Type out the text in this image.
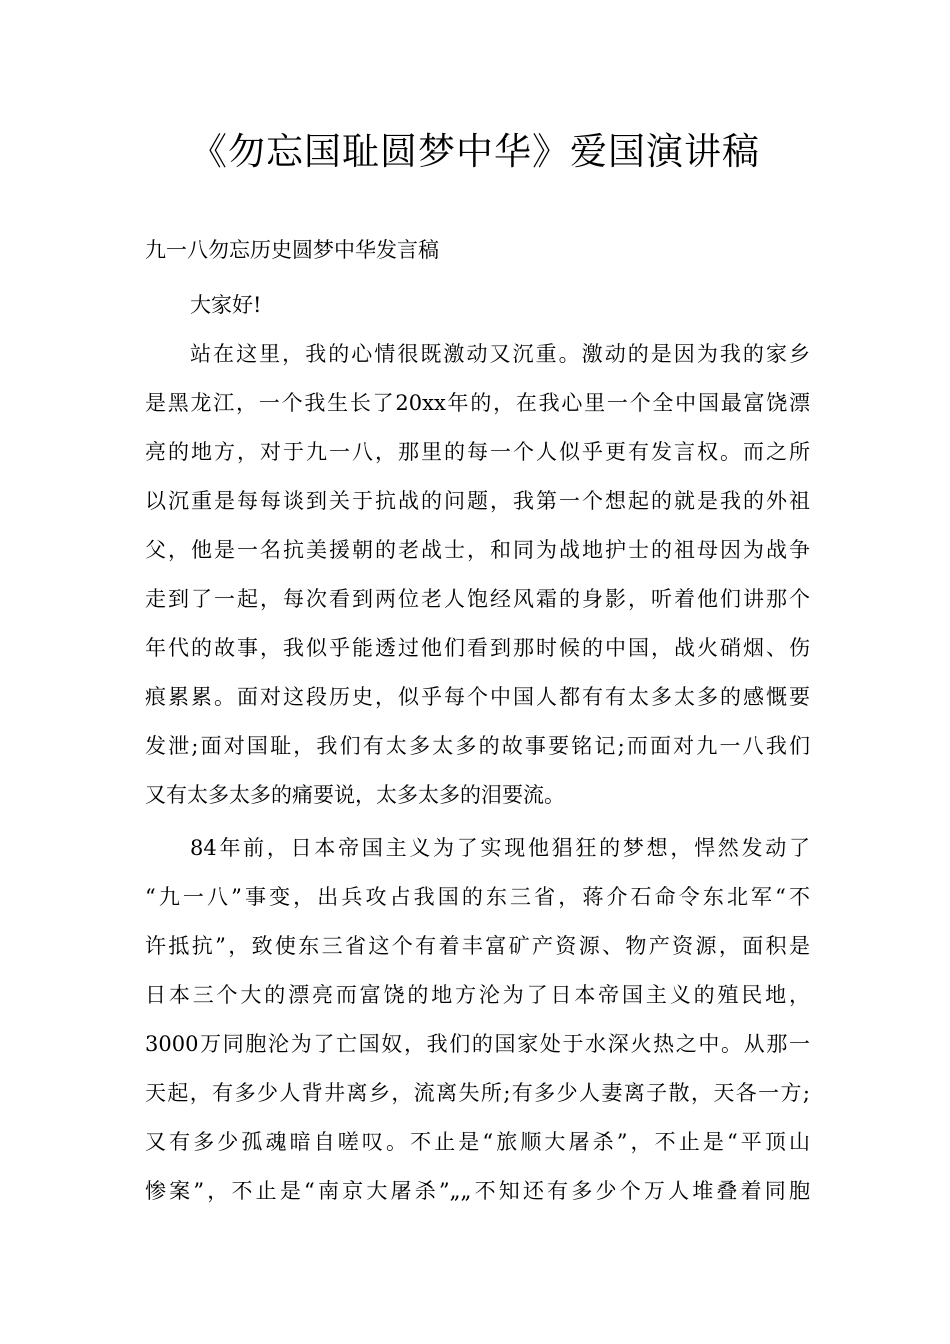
《勿忘国耻圆梦中华》爱国演讲稿
九一八勿忘历史圆梦中华发言稿
大家好!
站在这里，我的心情很既激动又沉重。激动的是因为我的家乡
是黑龙江，一个我生长了20xx年的，在我心里一个全中国最富饶漂
亮的地方，对于九一八，那里的每一个人似乎更有发言权。而之所
以沉重是每每谈到关于抗战的问题，我第一个想起的就是我的外祖
父，他是一名抗美援朝的老战士，和同为战地护士的祖母因为战争
走到了一起，每次看到两位老人饱经风霜的身影，听着他们讲那个
年代的故事，我似乎能透过他们看到那时候的中国，战火硝烟、伤
痕累累。面对这段历史，似乎每个中国人都有有太多太多的感慨要
发泄;面对国耻，我们有太多太多的故事要铭记;而面对九一八我们
又有太多太多的痛要说，太多太多的泪要流。
84年前，日本帝国主义为了实现他猖狂的梦想，悍然发动了
“九一八”事变，出兵攻占我国的东三省，蒋介石命令东北军“不
许抵抗”，致使东三省这个有着丰富矿产资源、物产资源，面积是
日本三个大的漂亮而富饶的地方沦为了日本帝国主义的殖民地，
3000万同胞沦为了亡国奴，我们的国家处于水深火热之中。从那一
天起，有多少人背井离乡，流离失所;有多少人妻离子散，天各一方;
又有多少孤魂暗自嗟叹。不止是“旅顺大屠杀”，不止是“平顶山
惨案”，不止是“南京大屠杀”„„不知还有多少个万人堆叠着同胞
